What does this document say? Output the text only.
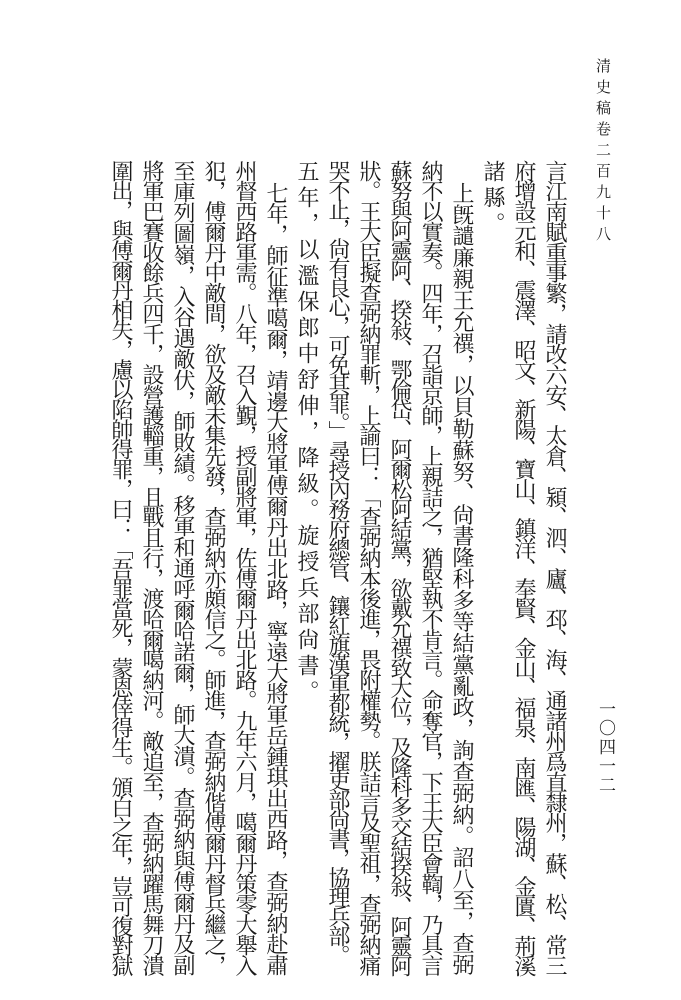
清史稿卷二百九十八
一〇四一二
言江南賦重事繁，請改六安、太倉、潁、泗、廬、邳、海、通諸州爲直隸州，蘇、松、常三
府增設元和、震澤、昭文、新陽、寶山、鎮洋、奉賢、金山、福泉、南匯、陽湖、金匱、荊溪
諸縣。
上旣譴廉親王允禩，以貝勒蘇努、尙書隆科多等結黨亂政，詢查弼納。詔八至，查弼
納不以實奏。四年，召詣京師，上親詰之，猶堅執不肯言。命奪官，下王大臣會鞫，乃具言
蘇努與阿靈阿、揆敍、鄂倫岱、阿爾松阿結黨，欲戴允禩致大位，及隆科多交結揆敍、阿靈阿
狀。王大臣擬查弼納罪斬，上諭曰：「查弼納本後進，畏附權勢。朕詰言及聖祖，查弼納痛
哭不止，尙有良心，可免其罪。」尋授內務府總管、鑲紅旗漢軍都統，擢吏部尙書，協理兵部。
五年，以濫保郎中舒伸，降級。旋授兵部尙書。
七年，師征準噶爾，靖邊大將軍傅爾丹出北路，寧遠大將軍岳鍾琪出西路，查弼納赴肅
州督西路軍需。八年，召入覲，授副將軍，佐傅爾丹出北路。九年六月，噶爾丹策零大舉入
犯，傅爾丹中敵間，欲及敵未集先發，查弼納亦頗信之。師進，查弼納偕傅爾丹督兵繼之，
至庫列圖嶺，入谷遇敵伏，師敗績。移軍和通呼爾哈諾爾，師大潰。查弼納與傅爾丹及副
將軍巴賽收餘兵四千，設營護輜重，且戰且行，渡哈爾噶納河。敵追至，查弼納躍馬舞刀潰
圍出，與傅爾丹相失，慮以陷帥得罪，曰：「吾罪當死，蒙恩倖得生。頒白之年，豈可復對獄
